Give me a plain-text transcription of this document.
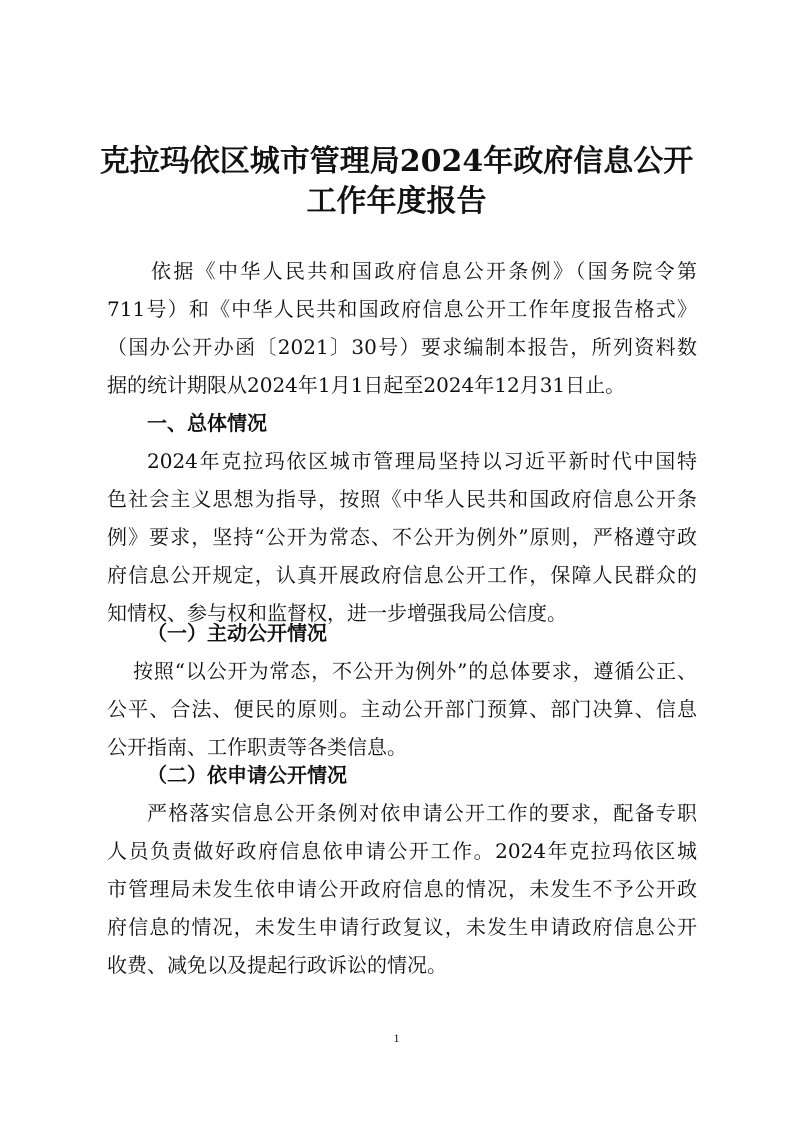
克拉玛依区城市管理局2024年政府信息公开
工作年度报告
依据《中华人民共和国政府信息公开条例》（国务院令第
711号）和《中华人民共和国政府信息公开工作年度报告格式》
（国办公开办函〔2021〕30号）要求编制本报告，所列资料数
据的统计期限从2024年1月1日起至2024年12月31日止。
一、总体情况
2024年克拉玛依区城市管理局坚持以习近平新时代中国特
色社会主义思想为指导，按照《中华人民共和国政府信息公开条
例》要求，坚持“公开为常态、不公开为例外”原则，严格遵守政
府信息公开规定，认真开展政府信息公开工作，保障人民群众的
知情权、参与权和监督权，进一步增强我局公信度。
（一）主动公开情况
按照“以公开为常态，不公开为例外”的总体要求，遵循公正、
公平、合法、便民的原则。主动公开部门预算、部门决算、信息
公开指南、工作职责等各类信息。
（二）依申请公开情况
严格落实信息公开条例对依申请公开工作的要求，配备专职
人员负责做好政府信息依申请公开工作。2024年克拉玛依区城
市管理局未发生依申请公开政府信息的情况，未发生不予公开政
府信息的情况，未发生申请行政复议，未发生申请政府信息公开
收费、减免以及提起行政诉讼的情况。
1
